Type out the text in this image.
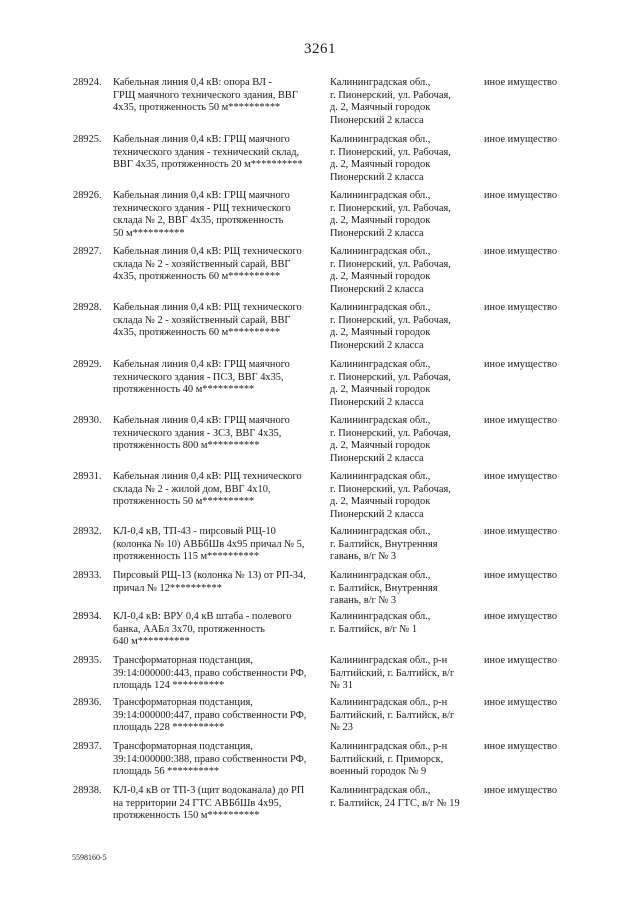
3261
28924.	Кабельная линия 0,4 кВ: опора ВЛ -
ГРЩ маячного технического здания, ВВГ
4х35, протяженность 50 м**********
Калининградская обл.,
г. Пионерский, ул. Рабочая,
д. 2, Маячный городок
Пионерский 2 класса
иное имущество
28925.	Кабельная линия 0,4 кВ: ГРЩ маячного
технического здания - технический склад,
ВВГ 4х35, протяженность 20 м**********
Калининградская обл.,
г. Пионерский, ул. Рабочая,
д. 2, Маячный городок
Пионерский 2 класса
иное имущество
28926.	Кабельная линия 0,4 кВ: ГРЩ маячного
технического здания - РЩ технического
склада № 2, ВВГ 4х35, протяженность
50 м**********
Калининградская обл.,
г. Пионерский, ул. Рабочая,
д. 2, Маячный городок
Пионерский 2 класса
иное имущество
28927.	Кабельная линия 0,4 кВ: РЩ технического
склада № 2 - хозяйственный сарай, ВВГ
4х35, протяженность 60 м**********
Калининградская обл.,
г. Пионерский, ул. Рабочая,
д. 2, Маячный городок
Пионерский 2 класса
иное имущество
28928.	Кабельная линия 0,4 кВ: РЩ технического
склада № 2 - хозяйственный сарай, ВВГ
4х35, протяженность 60 м**********
Калининградская обл.,
г. Пионерский, ул. Рабочая,
д. 2, Маячный городок
Пионерский 2 класса
иное имущество
28929.	Кабельная линия 0,4 кВ: ГРЩ маячного
технического здания - ПСЗ, ВВГ 4х35,
протяженность 40 м**********
Калининградская обл.,
г. Пионерский, ул. Рабочая,
д. 2, Маячный городок
Пионерский 2 класса
иное имущество
28930.	Кабельная линия 0,4 кВ: ГРЩ маячного
технического здания - ЗСЗ, ВВГ 4х35,
протяженность 800 м**********
Калининградская обл.,
г. Пионерский, ул. Рабочая,
д. 2, Маячный городок
Пионерский 2 класса
иное имущество
28931.	Кабельная линия 0,4 кВ: РЩ технического
склада № 2 - жилой дом, ВВГ 4х10,
протяженность 50 м**********
Калининградская обл.,
г. Пионерский, ул. Рабочая,
д. 2, Маячный городок
Пионерский 2 класса
иное имущество
28932.	КЛ-0,4 кВ, ТП-43 - пирсовый РЩ-10
(колонка № 10) АВБбШв 4х95 причал № 5,
протяженность 115 м**********
Калининградская обл.,
г. Балтийск, Внутренняя
гавань, в/г № 3
иное имущество
28933.	Пирсовый РЩ-13 (колонка № 13) от РП-34,
причал № 12**********
Калининградская обл.,
г. Балтийск, Внутренняя
гавань, в/г № 3
иное имущество
28934.	КЛ-0,4 кВ: ВРУ 0,4 кВ штаба - полевого
банка, ААБл 3х70, протяженность
640 м**********
Калининградская обл.,
г. Балтийск, в/г № 1
иное имущество
28935.	Трансформаторная подстанция,
39:14:000000:443, право собственности РФ,
площадь 124 **********
Калининградская обл., р-н
Балтийский, г. Балтийск, в/г
№ 31
иное имущество
28936.	Трансформаторная подстанция,
39:14:000000:447, право собственности РФ,
площадь 228 **********
Калининградская обл., р-н
Балтийский, г. Балтийск, в/г
№ 23
иное имущество
28937.	Трансформаторная подстанция,
39:14:000000:388, право собственности РФ,
площадь 56 **********
Калининградская обл., р-н
Балтийский, г. Приморск,
военный городок № 9
иное имущество
28938.	КЛ-0,4 кВ от ТП-3 (щит водоканала) до РП
на территории 24 ГТС АВБбШв 4х95,
протяженность 150 м**********
Калининградская обл.,
г. Балтийск, 24 ГТС, в/г № 19
иное имущество
5598160-5
